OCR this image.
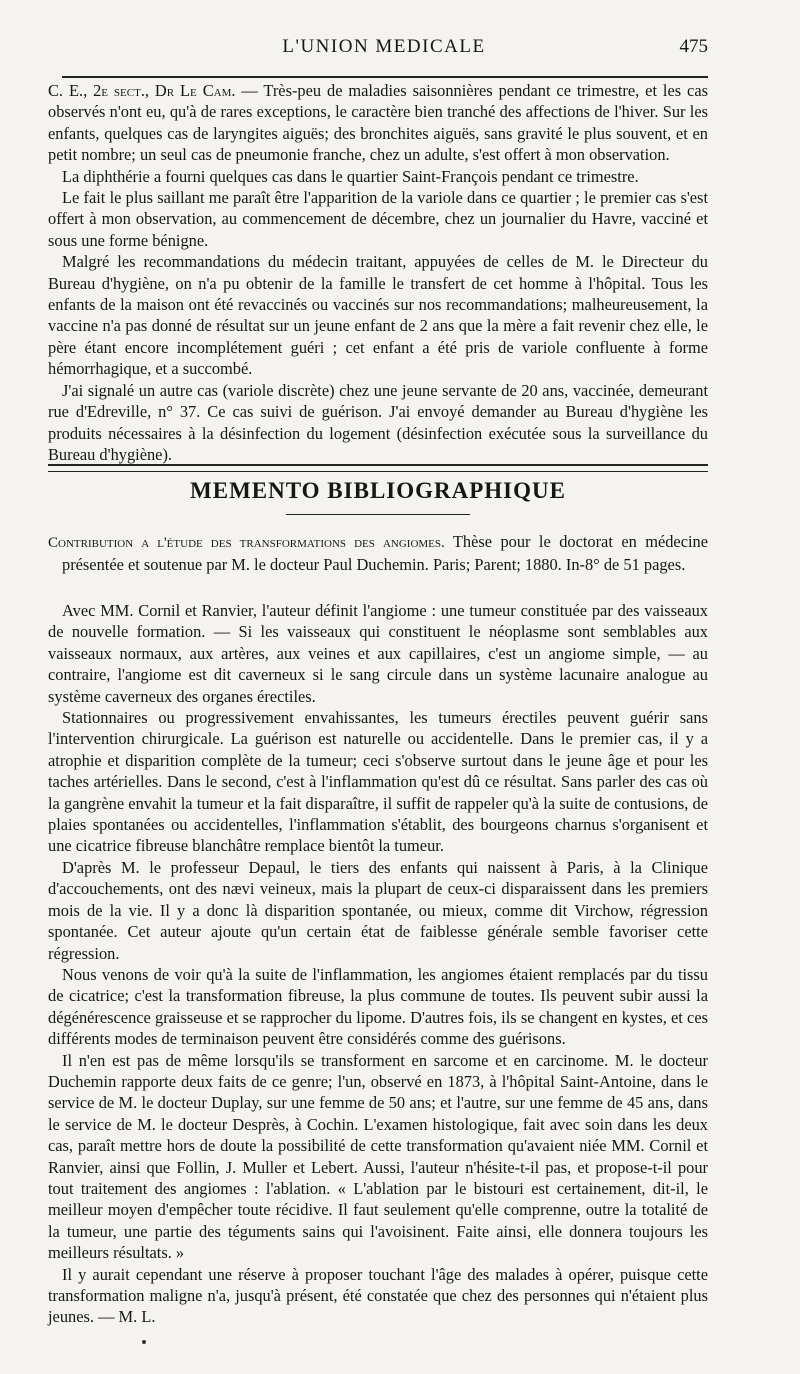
L'UNION MEDICALE	475

C. E., 2e sect., Dr Le Cam. — Très-peu de maladies saisonnières pendant ce trimestre, et les cas observés n'ont eu, qu'à de rares exceptions, le caractère bien tranché des affections de l'hiver. Sur les enfants, quelques cas de laryngites aiguës; des bronchites aiguës, sans gravité le plus souvent, et en petit nombre; un seul cas de pneumonie franche, chez un adulte, s'est offert à mon observation.

La diphthérie a fourni quelques cas dans le quartier Saint-François pendant ce trimestre.

Le fait le plus saillant me paraît être l'apparition de la variole dans ce quartier ; le premier cas s'est offert à mon observation, au commencement de décembre, chez un journalier du Havre, vacciné et sous une forme bénigne.

Malgré les recommandations du médecin traitant, appuyées de celles de M. le Directeur du Bureau d'hygiène, on n'a pu obtenir de la famille le transfert de cet homme à l'hôpital. Tous les enfants de la maison ont été revaccinés ou vaccinés sur nos recommandations; malheureusement, la vaccine n'a pas donné de résultat sur un jeune enfant de 2 ans que la mère a fait revenir chez elle, le père étant encore incomplétement guéri ; cet enfant a été pris de variole confluente à forme hémorrhagique, et a succombé.

J'ai signalé un autre cas (variole discrète) chez une jeune servante de 20 ans, vaccinée, demeurant rue d'Edreville, n° 37. Ce cas suivi de guérison. J'ai envoyé demander au Bureau d'hygiène les produits nécessaires à la désinfection du logement (désinfection exécutée sous la surveillance du Bureau d'hygiène).

MEMENTO BIBLIOGRAPHIQUE

Contribution a l'étude des transformations des angiomes. Thèse pour le doctorat en médecine présentée et soutenue par M. le docteur Paul Duchemin. Paris; Parent; 1880. In-8° de 51 pages.

Avec MM. Cornil et Ranvier, l'auteur définit l'angiome : une tumeur constituée par des vaisseaux de nouvelle formation. — Si les vaisseaux qui constituent le néoplasme sont semblables aux vaisseaux normaux, aux artères, aux veines et aux capillaires, c'est un angiome simple, — au contraire, l'angiome est dit caverneux si le sang circule dans un système lacunaire analogue au système caverneux des organes érectiles.

Stationnaires ou progressivement envahissantes, les tumeurs érectiles peuvent guérir sans l'intervention chirurgicale. La guérison est naturelle ou accidentelle. Dans le premier cas, il y a atrophie et disparition complète de la tumeur; ceci s'observe surtout dans le jeune âge et pour les taches artérielles. Dans le second, c'est à l'inflammation qu'est dû ce résultat. Sans parler des cas où la gangrène envahit la tumeur et la fait disparaître, il suffit de rappeler qu'à la suite de contusions, de plaies spontanées ou accidentelles, l'inflammation s'établit, des bourgeons charnus s'organisent et une cicatrice fibreuse blanchâtre remplace bientôt la tumeur.

D'après M. le professeur Depaul, le tiers des enfants qui naissent à Paris, à la Clinique d'accouchements, ont des nævi veineux, mais la plupart de ceux-ci disparaissent dans les premiers mois de la vie. Il y a donc là disparition spontanée, ou mieux, comme dit Virchow, régression spontanée. Cet auteur ajoute qu'un certain état de faiblesse générale semble favoriser cette régression.

Nous venons de voir qu'à la suite de l'inflammation, les angiomes étaient remplacés par du tissu de cicatrice; c'est la transformation fibreuse, la plus commune de toutes. Ils peuvent subir aussi la dégénérescence graisseuse et se rapprocher du lipome. D'autres fois, ils se changent en kystes, et ces différents modes de terminaison peuvent être considérés comme des guérisons.

Il n'en est pas de même lorsqu'ils se transforment en sarcome et en carcinome. M. le docteur Duchemin rapporte deux faits de ce genre; l'un, observé en 1873, à l'hôpital Saint-Antoine, dans le service de M. le docteur Duplay, sur une femme de 50 ans; et l'autre, sur une femme de 45 ans, dans le service de M. le docteur Desprès, à Cochin. L'examen histologique, fait avec soin dans les deux cas, paraît mettre hors de doute la possibilité de cette transformation qu'avaient niée MM. Cornil et Ranvier, ainsi que Follin, J. Muller et Lebert. Aussi, l'auteur n'hésite-t-il pas, et propose-t-il pour tout traitement des angiomes : l'ablation. « L'ablation par le bistouri est certainement, dit-il, le meilleur moyen d'empêcher toute récidive. Il faut seulement qu'elle comprenne, outre la totalité de la tumeur, une partie des téguments sains qui l'avoisinent. Faite ainsi, elle donnera toujours les meilleurs résultats. »

Il y aurait cependant une réserve à proposer touchant l'âge des malades à opérer, puisque cette transformation maligne n'a, jusqu'à présent, été constatée que chez des personnes qui n'étaient plus jeunes. — M. L.
